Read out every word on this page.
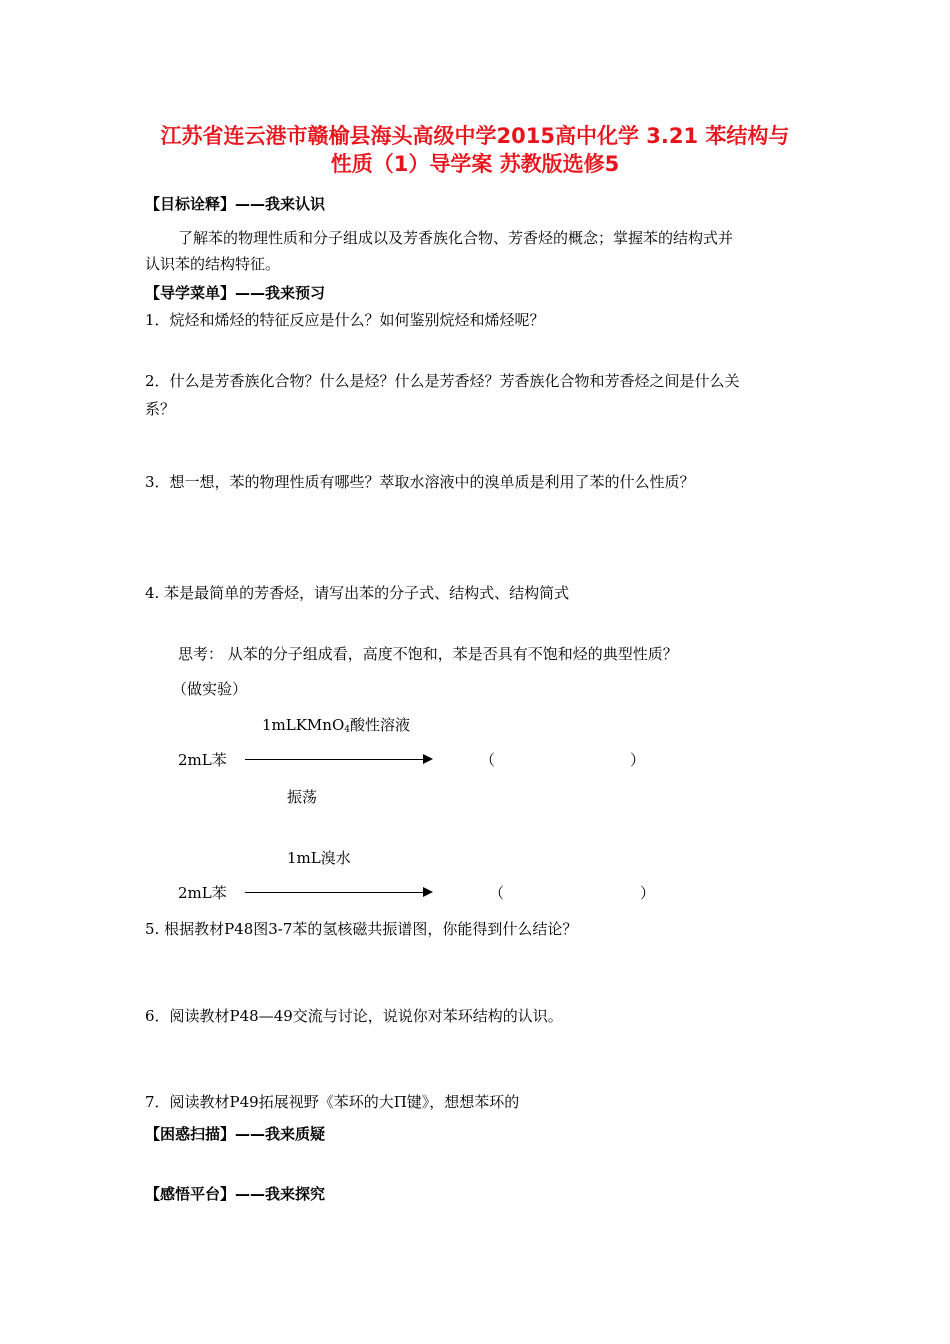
江苏省连云港市赣榆县海头高级中学2015高中化学 3.21 苯结构与
性质（1）导学案 苏教版选修5
【目标诠释】——我来认识
了解苯的物理性质和分子组成以及芳香族化合物、芳香烃的概念；掌握苯的结构式并
认识苯的结构特征。
【导学菜单】——我来预习
1．烷烃和烯烃的特征反应是什么？如何鉴别烷烃和烯烃呢？
2．什么是芳香族化合物？什么是烃？什么是芳香烃？芳香族化合物和芳香烃之间是什么关
系？
3．想一想，苯的物理性质有哪些？萃取水溶液中的溴单质是利用了苯的什么性质？
4. 苯是最简单的芳香烃，请写出苯的分子式、结构式、结构简式
思考： 从苯的分子组成看，高度不饱和，苯是否具有不饱和烃的典型性质？
（做实验）
1mLKMnO$_4$酸性溶液
2mL苯	（	）
振荡
1mL溴水
2mL苯	（	）
5. 根据教材P48图3-7苯的氢核磁共振谱图，你能得到什么结论？
6．阅读教材P48—49交流与讨论，说说你对苯环结构的认识。
7．阅读教材P49拓展视野《苯环的大Π键》，想想苯环的
【困惑扫描】——我来质疑
【感悟平台】——我来探究
